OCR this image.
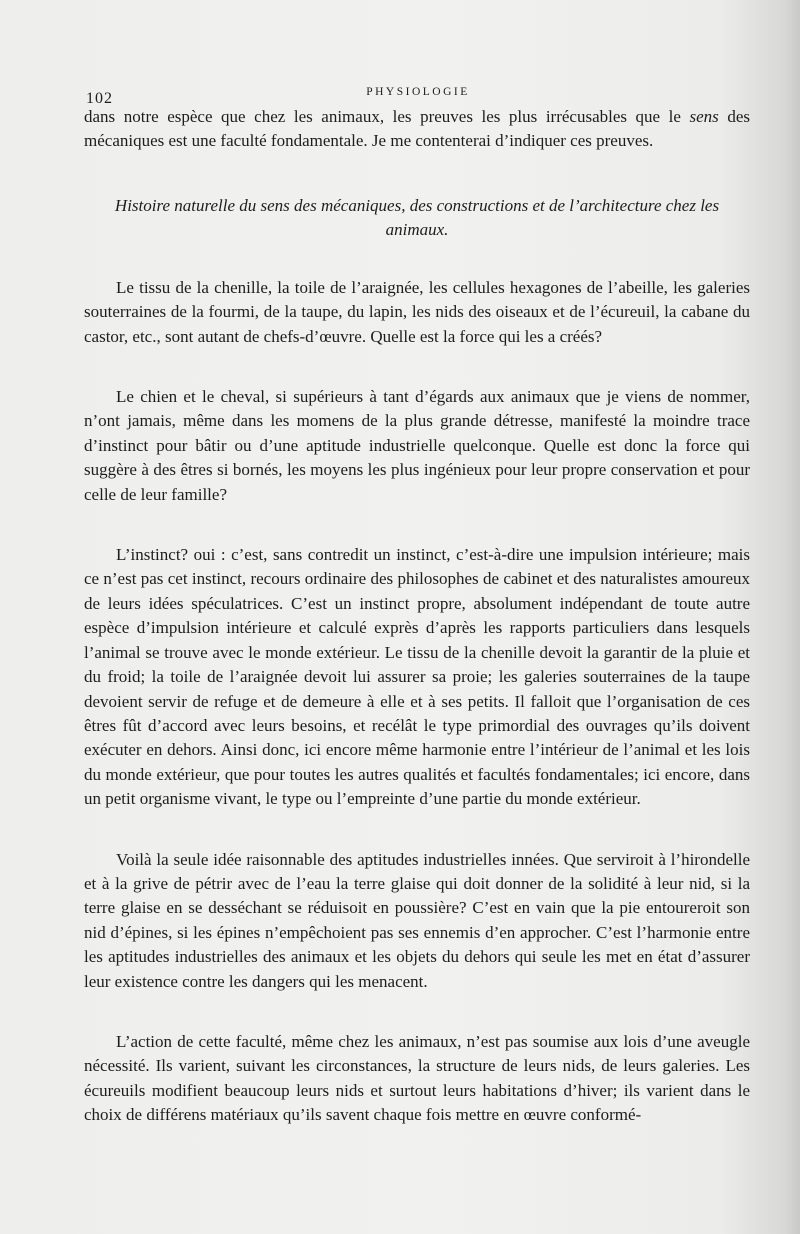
102	PHYSIOLOGIE

dans notre espèce que chez les animaux, les preuves les plus irrécusables que le sens des mécaniques est une faculté fondamentale. Je me contenterai d’indiquer ces preuves.

Histoire naturelle du sens des mécaniques, des constructions et de l’architecture chez les animaux.

Le tissu de la chenille, la toile de l’araignée, les cellules hexagones de l’abeille, les galeries souterraines de la fourmi, de la taupe, du lapin, les nids des oiseaux et de l’écureuil, la cabane du castor, etc., sont autant de chefs-d’œuvre. Quelle est la force qui les a créés?

Le chien et le cheval, si supérieurs à tant d’égards aux animaux que je viens de nommer, n’ont jamais, même dans les momens de la plus grande détresse, manifesté la moindre trace d’instinct pour bâtir ou d’une aptitude industrielle quelconque. Quelle est donc la force qui suggère à des êtres si bornés, les moyens les plus ingénieux pour leur propre conservation et pour celle de leur famille?

L’instinct? oui : c’est, sans contredit un instinct, c’est-à-dire une impulsion intérieure; mais ce n’est pas cet instinct, recours ordinaire des philosophes de cabinet et des naturalistes amoureux de leurs idées spéculatrices. C’est un instinct propre, absolument indépendant de toute autre espèce d’impulsion intérieure et calculé exprès d’après les rapports particuliers dans lesquels l’animal se trouve avec le monde extérieur. Le tissu de la chenille devoit la garantir de la pluie et du froid; la toile de l’araignée devoit lui assurer sa proie; les galeries souterraines de la taupe devoient servir de refuge et de demeure à elle et à ses petits. Il falloit que l’organisation de ces êtres fût d’accord avec leurs besoins, et recélât le type primordial des ouvrages qu’ils doivent exécuter en dehors. Ainsi donc, ici encore même harmonie entre l’intérieur de l’animal et les lois du monde extérieur, que pour toutes les autres qualités et facultés fondamentales; ici encore, dans un petit organisme vivant, le type ou l’empreinte d’une partie du monde extérieur.

Voilà la seule idée raisonnable des aptitudes industrielles innées. Que serviroit à l’hirondelle et à la grive de pétrir avec de l’eau la terre glaise qui doit donner de la solidité à leur nid, si la terre glaise en se desséchant se réduisoit en poussière? C’est en vain que la pie entoureroit son nid d’épines, si les épines n’empêchoient pas ses ennemis d’en approcher. C’est l’harmonie entre les aptitudes industrielles des animaux et les objets du dehors qui seule les met en état d’assurer leur existence contre les dangers qui les menacent.

L’action de cette faculté, même chez les animaux, n’est pas soumise aux lois d’une aveugle nécessité. Ils varient, suivant les circonstances, la structure de leurs nids, de leurs galeries. Les écureuils modifient beaucoup leurs nids et surtout leurs habitations d’hiver; ils varient dans le choix de différens matériaux qu’ils savent chaque fois mettre en œuvre conformé-
